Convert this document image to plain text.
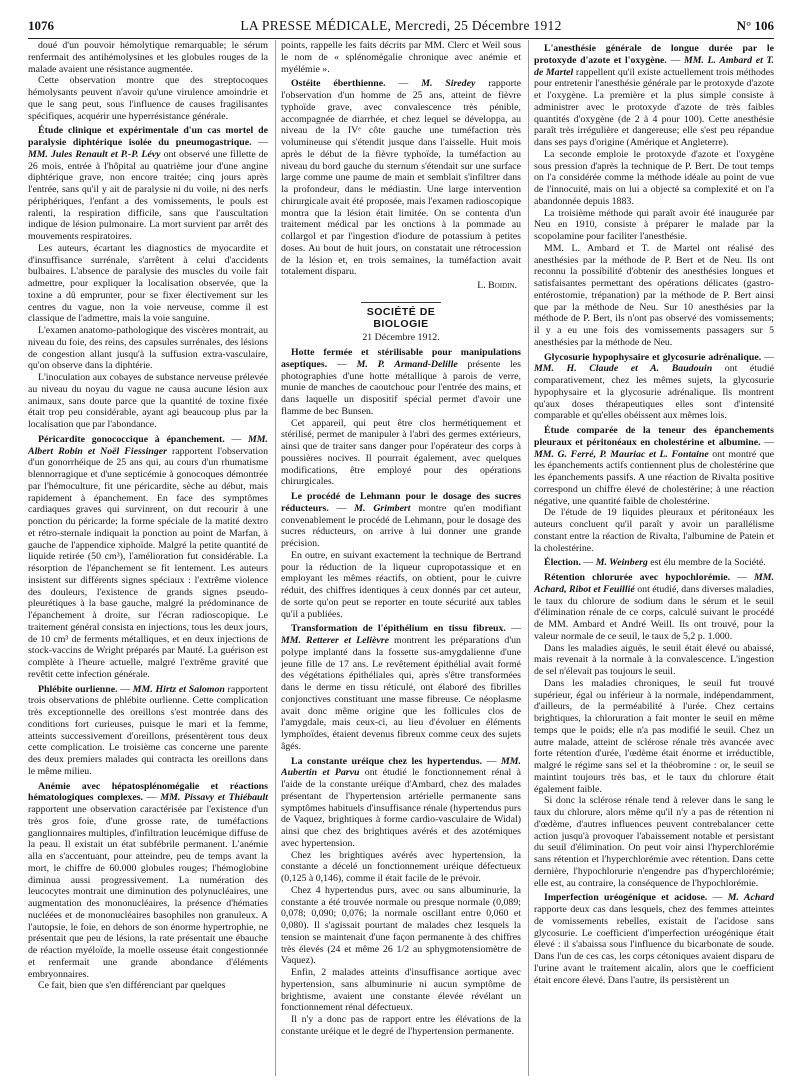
1076	LA PRESSE MÉDICALE, Mercredi, 25 Décembre 1912	N° 106

doué d'un pouvoir hémolytique remarquable; le sérum renfermait des antihémolysines et les globules rouges de la malade avaient une résistance augmentée.

Cette observation montre que des streptocoques hémolysants peuvent n'avoir qu'une virulence amoindrie et que le sang peut, sous l'influence de causes fragilisantes spécifiques, acquérir une hyperrésistance générale.

Étude clinique et expérimentale d'un cas mortel de paralysie diphtérique isolée du pneumogastrique. — MM. Jules Renault et P.-P. Lévy ont observé une fillette de 26 mois, entrée à l'hôpital au quatrième jour d'une angine diphtérique grave, non encore traitée; cinq jours après l'entrée, sans qu'il y ait de paralysie ni du voile, ni des nerfs périphériques, l'enfant a des vomissements, le pouls est ralenti, la respiration difficile, sans que l'auscultation indique de lésion pulmonaire. La mort survient par arrêt des mouvements respiratoires.

Les auteurs, écartant les diagnostics de myocardite et d'insuffisance surrénale, s'arrêtent à celui d'accidents bulbaires. L'absence de paralysie des muscles du voile fait admettre, pour expliquer la localisation observée, que la toxine a dû emprunter, pour se fixer électivement sur les centres du vague, non la voie nerveuse, comme il est classique de l'admettre, mais la voie sanguine.

L'examen anatomo-pathologique des viscères montrait, au niveau du foie, des reins, des capsules surrénales, des lésions de congestion allant jusqu'à la suffusion extra-vasculaire, qu'on observe dans la diphtérie.

L'inoculation aux cobayes de substance nerveuse prélevée au niveau du noyau du vague ne causa aucune lésion aux animaux, sans doute parce que la quantité de toxine fixée était trop peu considérable, ayant agi beaucoup plus par la localisation que par l'abondance.

Péricardite gonococcique à épanchement. — MM. Albert Robin et Noël Fiessinger rapportent l'observation d'un gonorrhéique de 25 ans qui, au cours d'un rhumatisme blennorragique et d'une septicémie à gonocoques démontrée par l'hémoculture, fit une péricardite, sèche au début, mais rapidement à épanchement. En face des symptômes cardiaques graves qui survinrent, on dut recourir à une ponction du péricarde; la forme spéciale de la matité dextro et rétro-sternale indiquait la ponction au point de Marfan, à gauche de l'appendice xiphoïde. Malgré la petite quantité de liquide retirée (50 cm³), l'amélioration fut considérable. La résorption de l'épanchement se fit lentement. Les auteurs insistent sur différents signes spéciaux : l'extrême violence des douleurs, l'existence de grands signes pseudo-pleurétiques à la base gauche, malgré la prédominance de l'épanchement à droite, sur l'écran radioscopique. Le traitement général consista en injections, tous les deux jours, de 10 cm³ de ferments métalliques, et en deux injections de stock-vaccins de Wright préparés par Mauté. La guérison est complète à l'heure actuelle, malgré l'extrême gravité que revêtit cette infection générale.

Phlébite ourlienne. — MM. Hirtz et Salomon rapportent trois observations de phlébite ourlienne. Cette complication très exceptionnelle des oreillons s'est montrée dans des conditions fort curieuses, puisque le mari et la femme, atteints successivement d'oreillons, présentèrent tous deux cette complication. Le troisième cas concerne une parente des deux premiers malades qui contracta les oreillons dans le même milieu.

Anémie avec hépatosplénomégalie et réactions hématologiques complexes. — MM. Pissavy et Thiébault rapportent une observation caractérisée par l'existence d'un très gros foie, d'une grosse rate, de tuméfactions ganglionnaires multiples, d'infiltration leucémique diffuse de la peau. Il existait un état subfébrile permanent. L'anémie alla en s'accentuant, pour atteindre, peu de temps avant la mort, le chiffre de 60.000 globules rouges; l'hémoglobine diminua aussi progressivement. La numération des leucocytes montrait une diminution des polynucléaires, une augmentation des mononucléaires, la présence d'hématies nucléées et de mononucléaires basophiles non granuleux. A l'autopsie, le foie, en dehors de son énorme hypertrophie, ne présentait que peu de lésions, la rate présentait une ébauche de réaction myéloïde, la moelle osseuse était congestionnée et renfermait une grande abondance d'éléments embryonnaires.

Ce fait, bien que s'en différenciant par quelques

points, rappelle les faits décrits par MM. Clerc et Weil sous le nom de « splénomégalie chronique avec anémie et myélémie ».

Ostéite éberthienne. — M. Siredey rapporte l'observation d'un homme de 25 ans, atteint de fièvre typhoïde grave, avec convalescence très pénible, accompagnée de diarrhée, et chez lequel se développa, au niveau de la IVᵉ côte gauche une tuméfaction très volumineuse qui s'étendit jusque dans l'aisselle. Huit mois après le début de la fièvre typhoïde, la tuméfaction au niveau du bord gauche du sternum s'étendait sur une surface large comme une paume de main et semblait s'infiltrer dans la profondeur, dans le médiastin. Une large intervention chirurgicale avait été proposée, mais l'examen radioscopique montra que la lésion était limitée. On se contenta d'un traitement médical par les onctions à la pommade au collargol et par l'ingestion d'iodure de potassium à petites doses. Au bout de huit jours, on constatait une rétrocession de la lésion et, en trois semaines, la tuméfaction avait totalement disparu.

L. Boidin.

SOCIÉTÉ DE BIOLOGIE

21 Décembre 1912.

Hotte fermée et stérilisable pour manipulations aseptiques. — M. P. Armand-Delille présente les photographies d'une hotte métallique à parois de verre, munie de manches de caoutchouc pour l'entrée des mains, et dans laquelle un dispositif spécial permet d'avoir une flamme de bec Bunsen.

Cet appareil, qui peut être clos hermétiquement et stérilisé, permet de manipuler à l'abri des germes extérieurs, ainsi que de traiter sans danger pour l'opérateur des corps à poussières nocives. Il pourrait également, avec quelques modifications, être employé pour des opérations chirurgicales.

Le procédé de Lehmann pour le dosage des sucres réducteurs. — M. Grimbert montre qu'en modifiant convenablement le procédé de Lehmann, pour le dosage des sucres réducteurs, on arrive à lui donner une grande précision.

En outre, en suivant exactement la technique de Bertrand pour la réduction de la liqueur cupropotassique et en employant les mêmes réactifs, on obtient, pour le cuivre réduit, des chiffres identiques à ceux donnés par cet auteur, de sorte qu'on peut se reporter en toute sécurité aux tables qu'il a publiées.

Transformation de l'épithélium en tissu fibreux. — MM. Retterer et Lelièvre montrent les préparations d'un polype implanté dans la fossette sus-amygdalienne d'une jeune fille de 17 ans. Le revêtement épithélial avait formé des végétations épithéliales qui, après s'être transformées dans le derme en tissu réticulé, ont élaboré des fibrilles conjonctives constituant une masse fibreuse. Ce néoplasme avait donc même origine que les follicules clos de l'amygdale, mais ceux-ci, au lieu d'évoluer en éléments lymphoïdes, étaient devenus fibreux comme ceux des sujets âgés.

La constante uréique chez les hypertendus. — MM. Aubertin et Parvu ont étudié le fonctionnement rénal à l'aide de la constante uréique d'Ambard, chez des malades présentant de l'hypertension artérielle permanente sans symptômes habituels d'insuffisance rénale (hypertendus purs de Vaquez, brightiques à forme cardio-vasculaire de Widal) ainsi que chez des brightiques avérés et des azotémiques avec hypertension.

Chez les brightiques avérés avec hypertension, la constante a décelé un fonctionnement uréique défectueux (0,125 à 0,146), comme il était facile de le prévoir.

Chez 4 hypertendus purs, avec ou sans albuminurie, la constante a été trouvée normale ou presque normale (0,089; 0,078; 0,090; 0,076; la normale oscillant entre 0,060 et 0,080). Il s'agissait pourtant de malades chez lesquels la tension se maintenait d'une façon permanente à des chiffres très élevés (24 et même 26 1/2 au sphygmotensiomètre de Vaquez).

Enfin, 2 malades atteints d'insuffisance aortique avec hypertension, sans albuminurie ni aucun symptôme de brightisme, avaient une constante élevée révélant un fonctionnement rénal défectueux.

Il n'y a donc pas de rapport entre les élévations de la constante uréique et le degré de l'hypertension permanente.

L'anesthésie générale de longue durée par le protoxyde d'azote et l'oxygène. — MM. L. Ambard et T. de Martel rappellent qu'il existe actuellement trois méthodes pour entretenir l'anesthésie générale par le protoxyde d'azote et l'oxygène. La première et la plus simple consiste à administrer avec le protoxyde d'azote de très faibles quantités d'oxygène (de 2 à 4 pour 100). Cette anesthésie paraît très irrégulière et dangereuse; elle s'est peu répandue dans ses pays d'origine (Amérique et Angleterre).

La seconde emploie le protoxyde d'azote et l'oxygène sous pression d'après la technique de P. Bert. De tout temps on l'a considérée comme la méthode idéale au point de vue de l'innocuité, mais on lui a objecté sa complexité et on l'a abandonnée depuis 1883.

La troisième méthode qui paraît avoir été inaugurée par Neu en 1910, consiste à préparer le malade par la scopolamine pour faciliter l'anesthésie.

MM. L. Ambard et T. de Martel ont réalisé des anesthésies par la méthode de P. Bert et de Neu. Ils ont reconnu la possibilité d'obtenir des anesthésies longues et satisfaisantes permettant des opérations délicates (gastro-entérostomie, trépanation) par la méthode de P. Bert ainsi que par la méthode de Neu. Sur 10 anesthésies par la méthode de P. Bert, ils n'ont pas observé des vomissements; il y a eu une fois des vomissements passagers sur 5 anesthésies par la méthode de Neu.

Glycosurie hypophysaire et glycosurie adrénalique. — MM. H. Claude et A. Baudouin ont étudié comparativement, chez les mêmes sujets, la glycosurie hypophysaire et la glycosurie adrénalique. Ils montrent qu'aux doses thérapeutiques elles sont d'intensité comparable et qu'elles obéissent aux mêmes lois.

Étude comparée de la teneur des épanchements pleuraux et péritonéaux en cholestérine et albumine. — MM. G. Ferré, P. Mauriac et L. Fontaine ont montré que les épanchements actifs contiennent plus de cholestérine que les épanchements passifs. A une réaction de Rivalta positive correspond un chiffre élevé de cholestérine; à une réaction négative, une quantité faible de cholestérine.

De l'étude de 19 liquides pleuraux et péritonéaux les auteurs concluent qu'il paraît y avoir un parallélisme constant entre la réaction de Rivalta, l'albumine de Patein et la cholestérine.

Élection. — M. Weinberg est élu membre de la Société.

Rétention chlorurée avec hypochlorémie. — MM. Achard, Ribot et Feuillié ont étudié, dans diverses maladies, le taux du chlorure de sodium dans le sérum et le seuil d'élimination rénale de ce corps, calculé suivant le procédé de MM. Ambard et André Weill. Ils ont trouvé, pour la valeur normale de ce seuil, le taux de 5,2 p. 1.000.

Dans les maladies aiguës, le seuil était élevé ou abaissé, mais revenait à la normale à la convalescence. L'ingestion de sel n'élevait pas toujours le seuil.

Dans les maladies chroniques, le seuil fut trouvé supérieur, égal ou inférieur à la normale, indépendamment, d'ailleurs, de la perméabilité à l'urée. Chez certains brightiques, la chloruration a fait monter le seuil en même temps que le poids; elle n'a pas modifié le seuil. Chez un autre malade, atteint de sclérose rénale très avancée avec forte rétention d'urée, l'œdème était énorme et irréductible, malgré le régime sans sel et la théobromine : or, le seuil se maintint toujours très bas, et le taux du chlorure était également faible.

Si donc la sclérose rénale tend à relever dans le sang le taux du chlorure, alors même qu'il n'y a pas de rétention ni d'œdème, d'autres influences peuvent contrebalancer cette action jusqu'à provoquer l'abaissement notable et persistant du seuil d'élimination. On peut voir ainsi l'hyperchlorémie sans rétention et l'hyperchlorémie avec rétention. Dans cette dernière, l'hypochlorurie n'engendre pas d'hyperchlorémie; elle est, au contraire, la conséquence de l'hypochlorémie.

Imperfection uréogénique et acidose. — M. Achard rapporte deux cas dans lesquels, chez des femmes atteintes de vomissements rebelles, existait de l'acidose sans glycosurie. Le coefficient d'imperfection uréogénique était élevé : il s'abaissa sous l'influence du bicarbonate de soude. Dans l'un de ces cas, les corps cétoniques avaient disparu de l'urine avant le traitement alcalin, alors que le coefficient était encore élevé. Dans l'autre, ils persistèrent un
